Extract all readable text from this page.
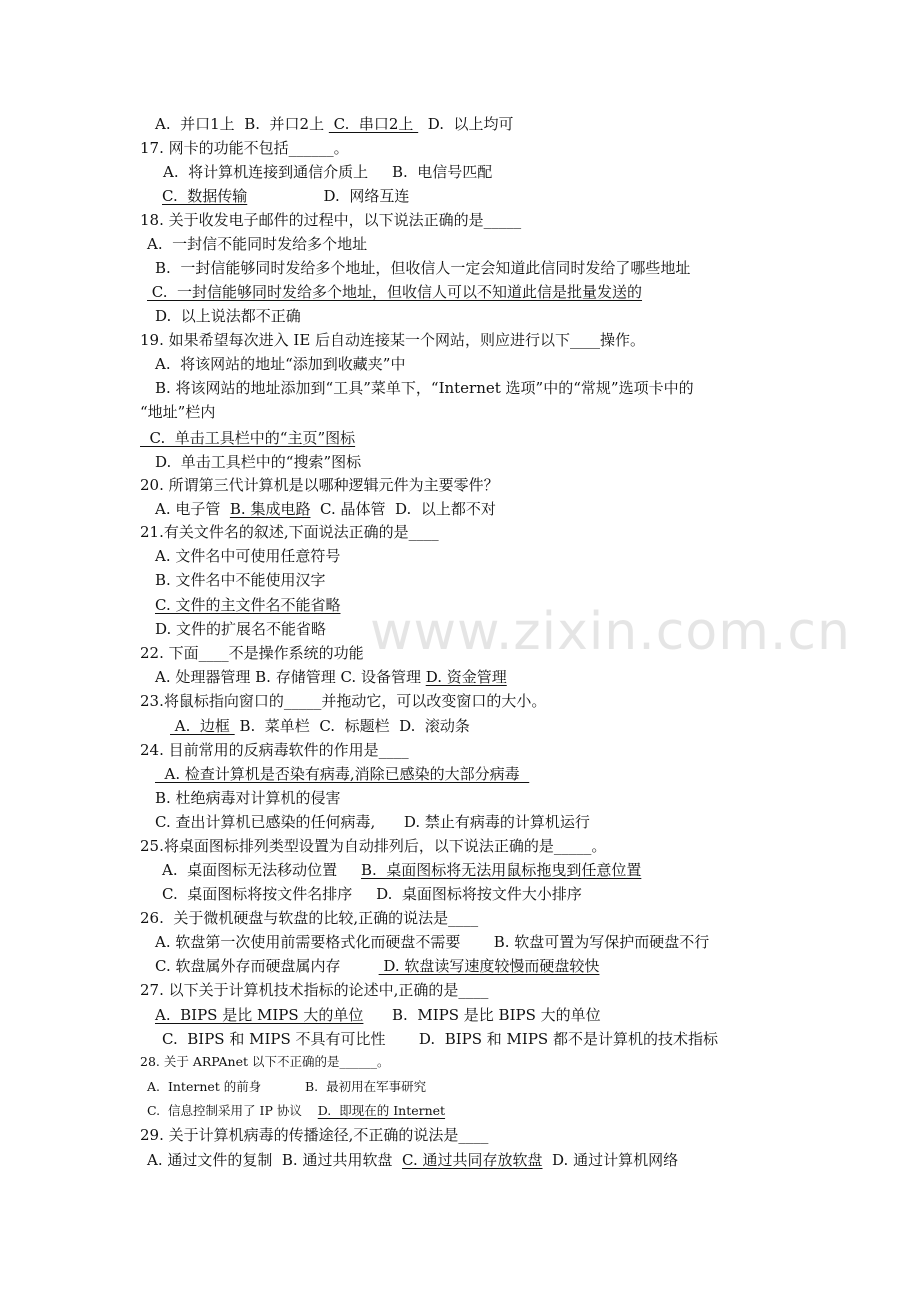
www.zixin.com.cn
A.  并口1上  B.  并口2上  C.  串口2上   D.  以上均可
17. 网卡的功能不包括______。
A.  将计算机连接到通信介质上     B.  电信号匹配
C.  数据传输                D.  网络互连
18. 关于收发电子邮件的过程中，以下说法正确的是_____
A.  一封信不能同时发给多个地址
B.  一封信能够同时发给多个地址，但收信人一定会知道此信同时发给了哪些地址
C.  一封信能够同时发给多个地址，但收信人可以不知道此信是批量发送的
D.  以上说法都不正确
19. 如果希望每次进入 IE 后自动连接某一个网站，则应进行以下____操作。
A.  将该网站的地址“添加到收藏夹”中
B. 将该网站的地址添加到“工具”菜单下，“Internet 选项”中的“常规”选项卡中的
“地址”栏内
C.  单击工具栏中的“主页”图标
D.  单击工具栏中的“搜索”图标
20. 所谓第三代计算机是以哪种逻辑元件为主要零件？
A. 电子管  B. 集成电路  C. 晶体管  D.  以上都不对
21.有关文件名的叙述,下面说法正确的是____
A. 文件名中可使用任意符号
B. 文件名中不能使用汉字
C. 文件的主文件名不能省略
D. 文件的扩展名不能省略
22. 下面____不是操作系统的功能
A. 处理器管理 B. 存储管理 C. 设备管理 D. 资金管理
23.将鼠标指向窗口的_____并拖动它，可以改变窗口的大小。
A.  边框  B.  菜单栏  C.  标题栏  D.  滚动条
24. 目前常用的反病毒软件的作用是____
A. 检查计算机是否染有病毒,消除已感染的大部分病毒
B. 杜绝病毒对计算机的侵害
C. 查出计算机已感染的任何病毒,      D. 禁止有病毒的计算机运行
25.将桌面图标排列类型设置为自动排列后，以下说法正确的是_____。
A.  桌面图标无法移动位置     B.  桌面图标将无法用鼠标拖曳到任意位置
C.  桌面图标将按文件名排序     D.  桌面图标将按文件大小排序
26.  关于微机硬盘与软盘的比较,正确的说法是____
A. 软盘第一次使用前需要格式化而硬盘不需要       B. 软盘可置为写保护而硬盘不行
C. 软盘属外存而硬盘属内存         D. 软盘读写速度较慢而硬盘较快
27. 以下关于计算机技术指标的论述中,正确的是____
A.  BIPS 是比 MIPS 大的单位      B.  MIPS 是比 BIPS 大的单位
C.  BIPS 和 MIPS 不具有可比性       D.  BIPS 和 MIPS 都不是计算机的技术指标
28. 关于 ARPAnet 以下不正确的是______。
A.  Internet 的前身           B.  最初用在军事研究
C.  信息控制采用了 IP 协议    D.  即现在的 Internet
29. 关于计算机病毒的传播途径,不正确的说法是____
A. 通过文件的复制  B. 通过共用软盘  C. 通过共同存放软盘  D. 通过计算机网络
